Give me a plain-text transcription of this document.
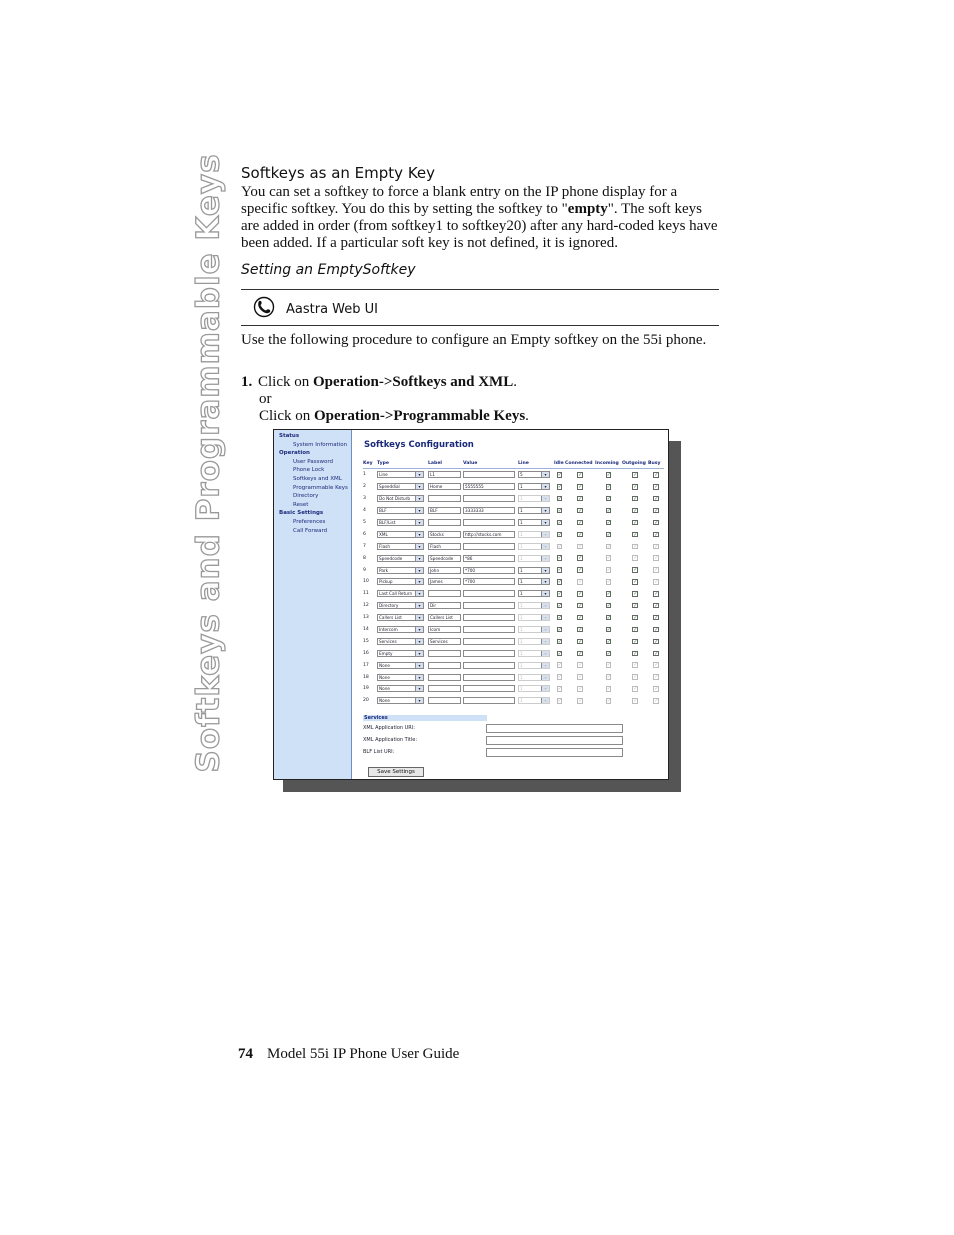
Softkeys and Programmable Keys Softkeys as an Empty Key
You can set a softkey to force a blank entry on the IP phone display for a specific softkey. You do this by setting the softkey to "empty". The soft keys are added in order (from softkey1 to softkey20) after any hard-coded keys have been added. If a particular soft key is not defined, it is ignored.
Setting an EmptySoftkey
Aastra Web UI
Use the following procedure to configure an Empty softkey on the 55i phone.
1. Click on Operation->Softkeys and XML.
or
Click on Operation->Programmable Keys.
Status
System Information
Operation
User Password
Phone Lock
Softkeys and XML
Programmable Keys
Directory
Reset
Basic Settings
Preferences
Call Forward
Softkeys Configuration
Key	Type	Label	Value	Line	Idle	Connected	Incoming	Outgoing	Busy
1	Line ▾	L1		5 ▾	✓	✓	✓	✓	✓

2	Speeddial ▾	Home	5555555	1 ▾	✓	✓	✓	✓	✓

3	Do Not Disturb ▾			1 ▾	✓	✓	✓	✓	✓

4	BLF ▾	BLF	3333333	1 ▾	✓	✓	✓	✓	✓

5	BLF/List ▾			1 ▾	✓	✓	✓	✓	✓

6	XML ▾	Stocks	http://stocks.com	1 ▾	✓	✓	✓	✓	✓

7	Flash ▾	Flash		1 ▾	✓	✓	✓	✓	✓

8	Speedcode ▾	Speedcode	*86	1 ▾	✓	✓	✓	✓	✓

9	Park ▾	John	*700	1 ▾	✓	✓	✓	✓	✓

10	Pickup ▾	James	*700	1 ▾	✓	✓	✓	✓	✓

11	Last Call Return ▾			1 ▾	✓	✓	✓	✓	✓

12	Directory ▾	Dir		1 ▾	✓	✓	✓	✓	✓

13	Callers List ▾	Callers List		1 ▾	✓	✓	✓	✓	✓

14	Intercom ▾	Icom		1 ▾	✓	✓	✓	✓	✓

15	Services ▾	Services		1 ▾	✓	✓	✓	✓	✓

16	Empty ▾			1 ▾	✓	✓	✓	✓	✓

17	None ▾			1 ▾	✓	✓	✓	✓	✓

18	None ▾			1 ▾	✓	✓	✓	✓	✓

19	None ▾			1 ▾	✓	✓	✓	✓	✓

20	None ▾			1 ▾	✓	✓	✓	✓	✓
Services
XML Application URI:
XML Application Title:
BLF List URI:
Save Settings
74 Model 55i IP Phone User Guide
